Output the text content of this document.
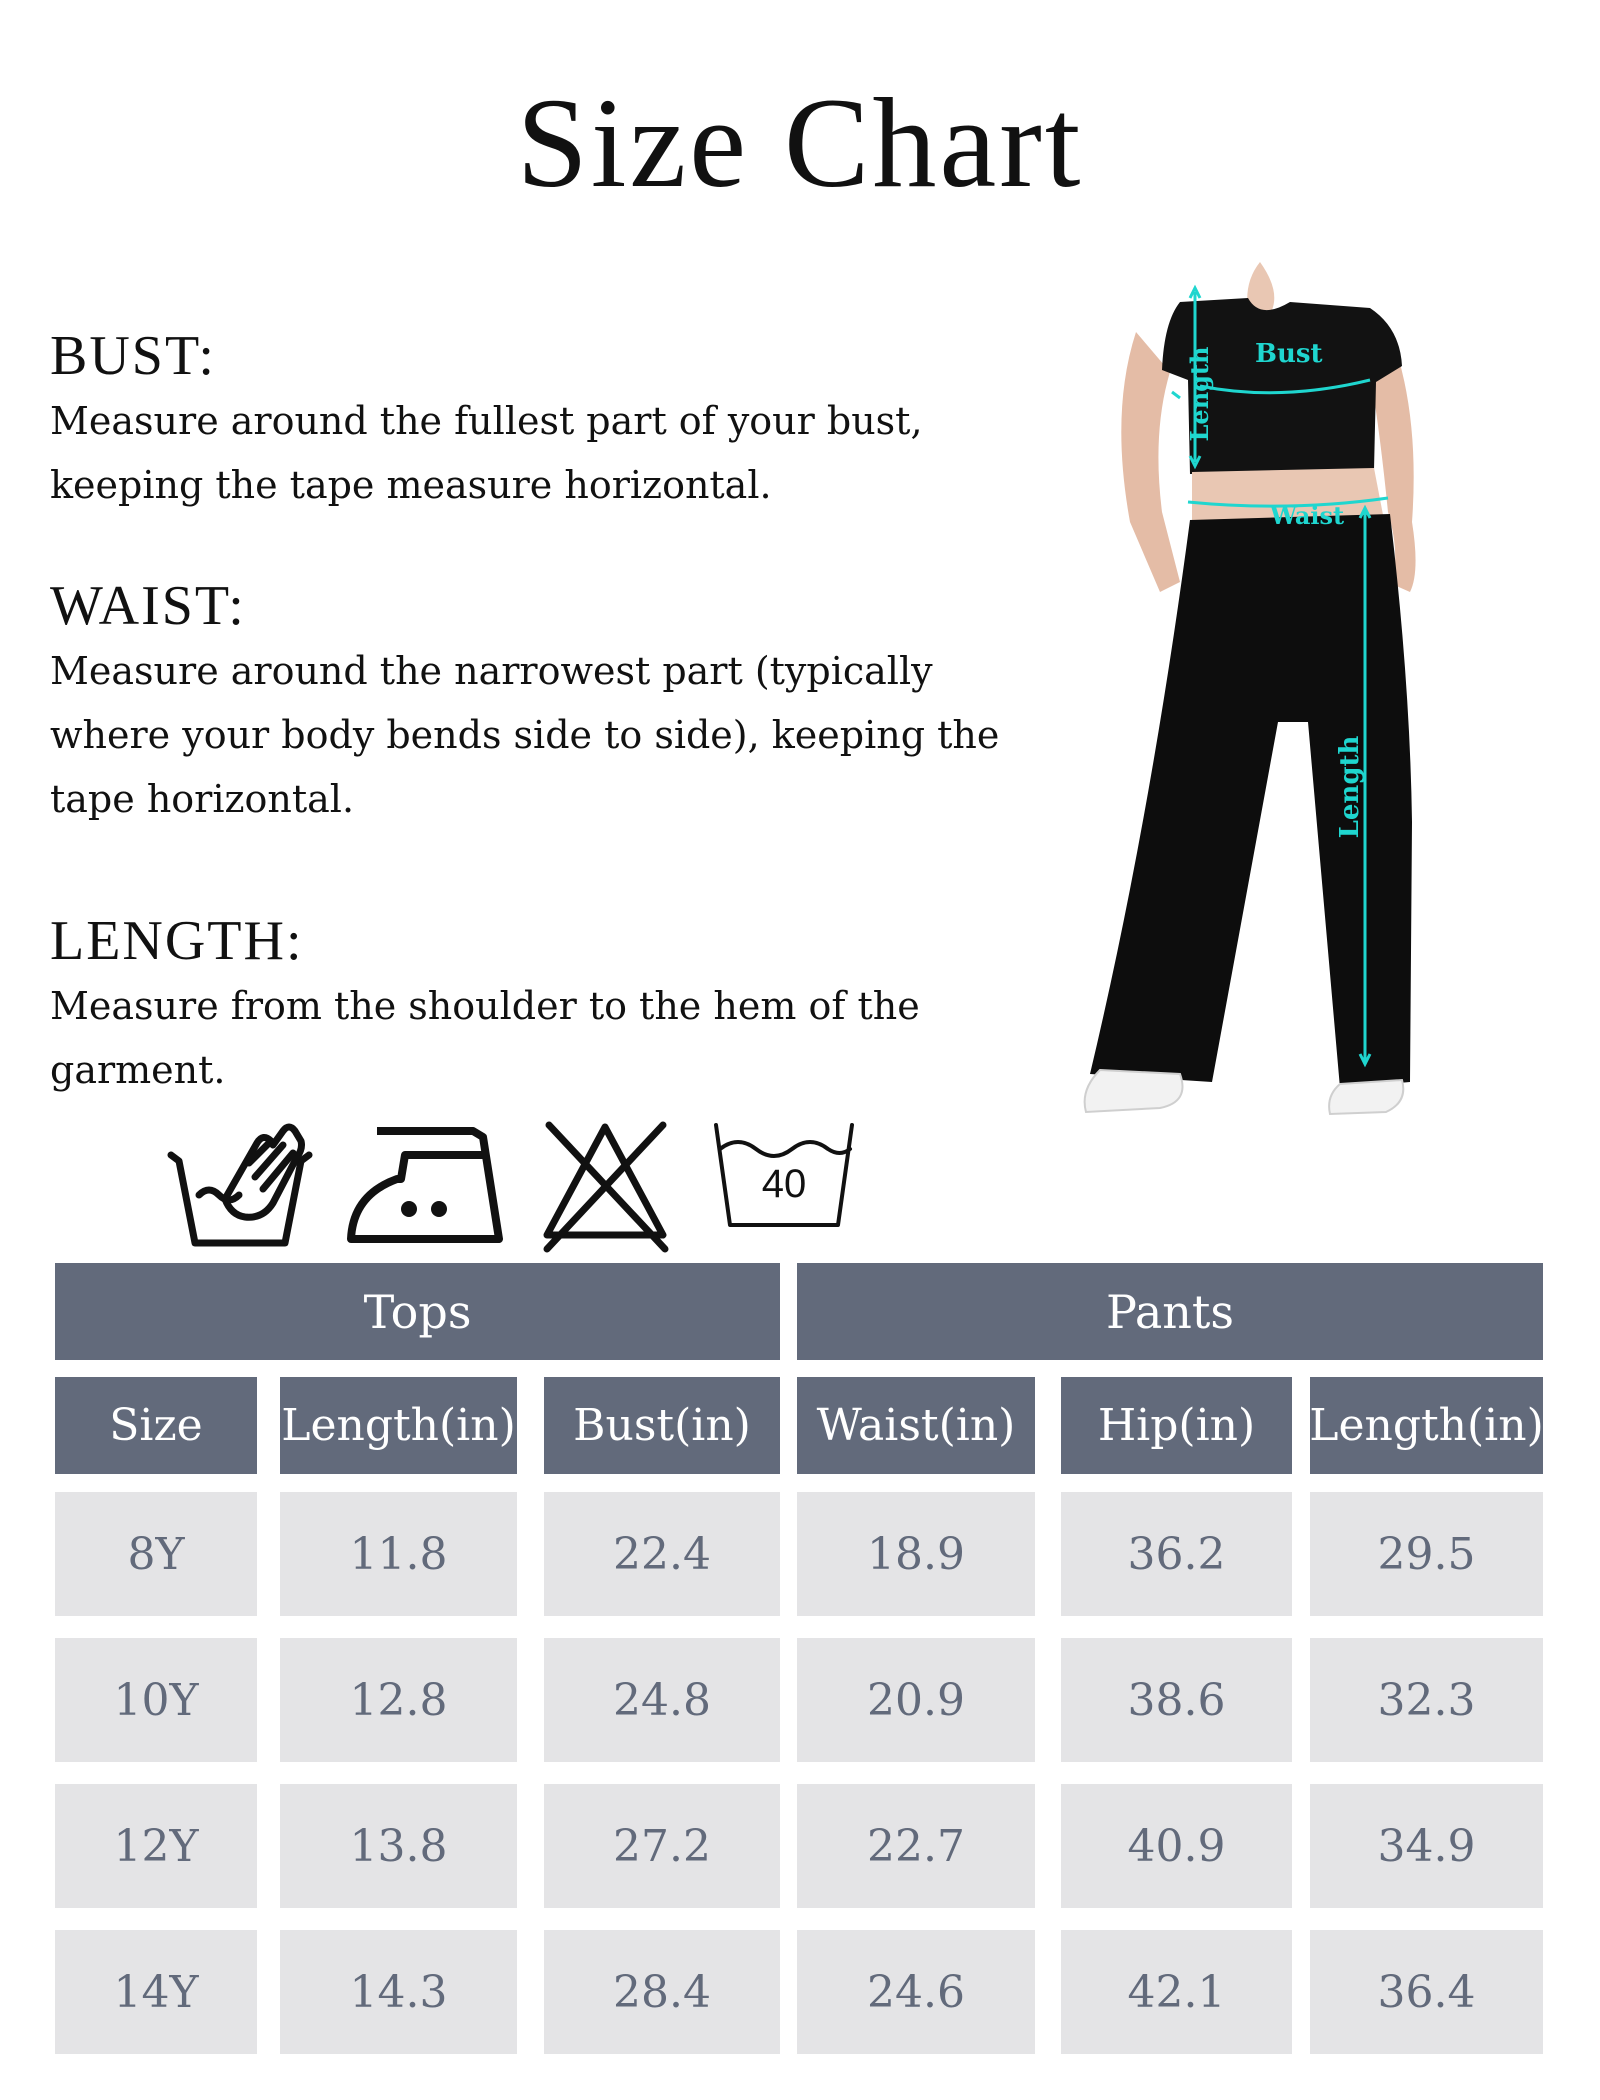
Size Chart
BUST:
Measure around the fullest part of your bust, keeping the tape measure horizontal.
WAIST:
Measure around the narrowest part (typically where your body bends side to side), keeping the tape horizontal.
LENGTH:
Measure from the shoulder to the hem of the garment.
40
Length Bust
Waist
Length
Tops	Pants
Size	Length(in)	Bust(in)	Waist(in)	Hip(in)	Length(in)
8Y	11.8	22.4	18.9	36.2	29.5
10Y	12.8	24.8	20.9	38.6	32.3
12Y	13.8	27.2	22.7	40.9	34.9
14Y	14.3	28.4	24.6	42.1	36.4
